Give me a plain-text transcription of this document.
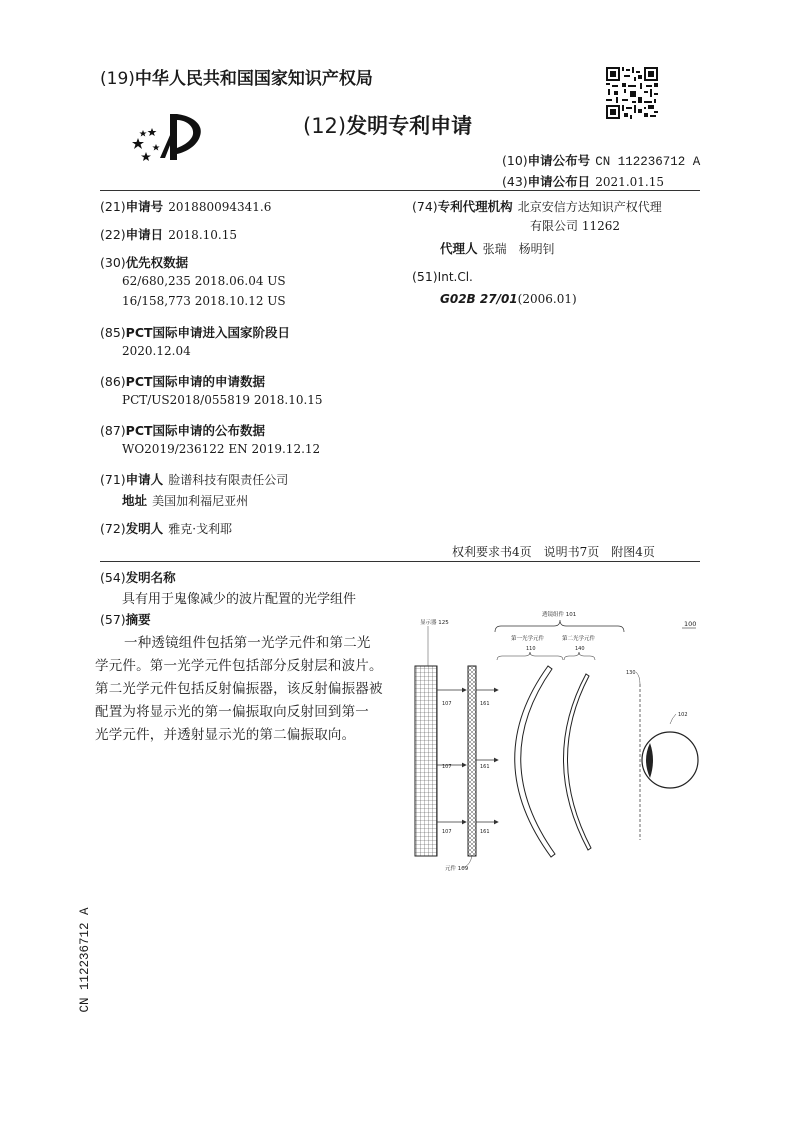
(19)中华人民共和国国家知识产权局
(12)发明专利申请
(10)申请公布号 CN 112236712 A
(43)申请公布日 2021.01.15
(21)申请号 201880094341.6
(22)申请日 2018.10.15
(30)优先权数据
62/680,235 2018.06.04 US
16/158,773 2018.10.12 US
(85)PCT国际申请进入国家阶段日
2020.12.04
(86)PCT国际申请的申请数据
PCT/US2018/055819 2018.10.15
(87)PCT国际申请的公布数据
WO2019/236122 EN 2019.12.12
(71)申请人 脸谱科技有限责任公司
地址 美国加利福尼亚州
(72)发明人 雅克·戈利耶
(74)专利代理机构 北京安信方达知识产权代理
有限公司 11262
代理人 张瑞　杨明钊
(51)Int.Cl.
G02B 27/01(2006.01)
权利要求书4页　说明书7页　附图4页
(54)发明名称
具有用于鬼像减少的波片配置的光学组件
(57)摘要
一种透镜组件包括第一光学元件和第二光
学元件。第一光学元件包括部分反射层和波片。
第二光学元件包括反射偏振器，该反射偏振器被
配置为将显示光的第一偏振取向反射回到第一
光学元件，并透射显示光的第二偏振取向。
显示器 125
元件 109
107
107
107
161
161
161
透镜组件 101
第一光学元件
110
第二光学元件
140
100
130
102
CN 112236712 A
